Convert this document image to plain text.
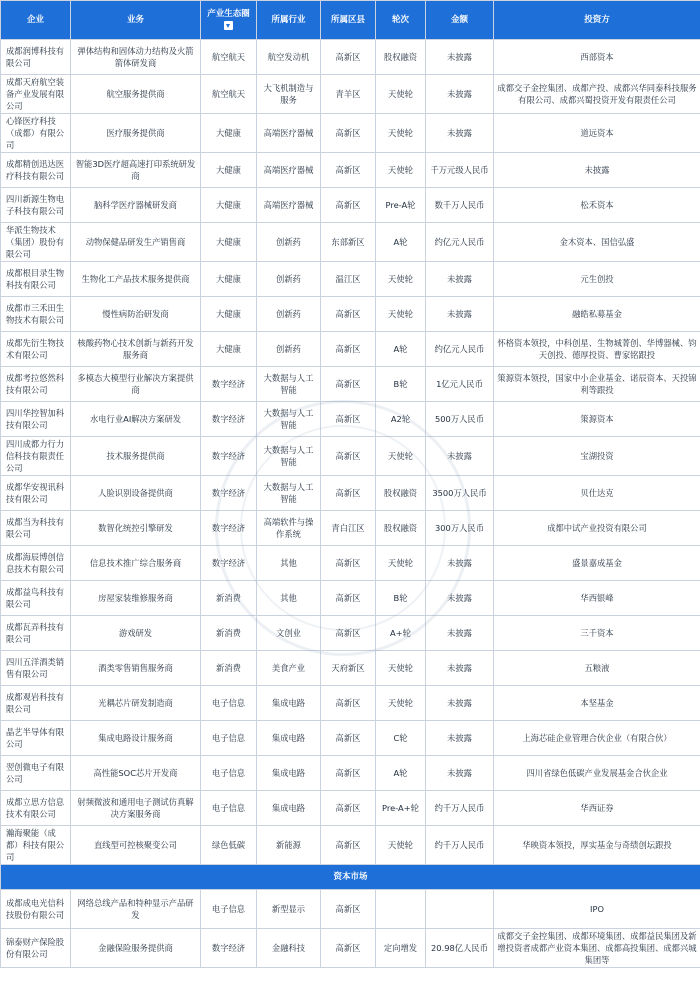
企业	业务	产业生态圈	所属行业	所属区县	轮次	金额	投资方
成都润博科技有限公司	弹体结构和固体动力结构及火箭箭体研发商	航空航天	航空发动机	高新区	股权融资	未披露	西部资本
成都天府航空装备产业发展有限公司	航空服务提供商	航空航天	大飞机制造与服务	青羊区	天使轮	未披露	成都交子金控集团、成都产投、成都兴华同泰科技服务有限公司、成都兴蜀投资开发有限责任公司
心锋医疗科技（成都）有限公司	医疗服务提供商	大健康	高端医疗器械	高新区	天使轮	未披露	道远资本
成都精创迅达医疗科技有限公司	智能3D医疗超高速打印系统研发商	大健康	高端医疗器械	高新区	天使轮	千万元级人民币	未披露
四川新源生物电子科技有限公司	脑科学医疗器械研发商	大健康	高端医疗器械	高新区	Pre-A轮	数千万人民币	松禾资本
华派生物技术（集团）股份有限公司	动物保健品研发生产销售商	大健康	创新药	东部新区	A轮	约亿元人民币	金木资本、国信弘盛
成都根目录生物科技有限公司	生物化工产品技术服务提供商	大健康	创新药	温江区	天使轮	未披露	元生创投
成都市三禾田生物技术有限公司	慢性病防治研发商	大健康	创新药	高新区	天使轮	未披露	融皓私募基金
成都先衍生物技术有限公司	核酸药物心技术创新与新药开发服务商	大健康	创新药	高新区	A轮	约亿元人民币	怀格资本领投，中科创星、生物城菁创、华博器械、钧天创投、德厚投资、曹家铭跟投
成都考拉悠然科技有限公司	多模态大模型行业解决方案提供商	数字经济	大数据与人工智能	高新区	B轮	1亿元人民币	策源资本领投，国家中小企业基金、诺辰资本、天投锦利等跟投
四川华控智加科技有限公司	水电行业AI解决方案研发	数字经济	大数据与人工智能	高新区	A2轮	500万人民币	策源资本
四川成都力行力信科技有限责任公司	技术服务提供商	数字经济	大数据与人工智能	高新区	天使轮	未披露	宝湖投资
成都华安视讯科技有限公司	人脸识别设备提供商	数字经济	大数据与人工智能	高新区	股权融资	3500万人民币	贝仕达克
成都当为科技有限公司	数智化统控引擎研发	数字经济	高端软件与操作系统	青白江区	股权融资	300万人民币	成都中试产业投资有限公司
成都海辰博创信息技术有限公司	信息技术推广综合服务商	数字经济	其他	高新区	天使轮	未披露	盛景嘉成基金
成都益鸟科技有限公司	房屋家装维修服务商	新消费	其他	高新区	B轮	未披露	华西银峰
成都瓦弄科技有限公司	游戏研发	新消费	文创业	高新区	A+轮	未披露	三千资本
四川五洋酒类销售有限公司	酒类零售销售服务商	新消费	美食产业	天府新区	天使轮	未披露	五粮液
成都观岩科技有限公司	光耦芯片研发制造商	电子信息	集成电路	高新区	天使轮	未披露	本坚基金
晶艺半导体有限公司	集成电路设计服务商	电子信息	集成电路	高新区	C轮	未披露	上海芯硅企业管理合伙企业（有限合伙）
翌创微电子有限公司	高性能SOC芯片开发商	电子信息	集成电路	高新区	A轮	未披露	四川省绿色低碳产业发展基金合伙企业
成都立思方信息技术有限公司	射频微波和通用电子测试仿真解决方案服务商	电子信息	集成电路	高新区	Pre-A+轮	约千万人民币	华西证券
瀚海聚能（成都）科技有限公司	直线型可控核聚变公司	绿色低碳	新能源	高新区	天使轮	约千万人民币	华映资本领投，厚实基金与奇绩创坛跟投
资本市场							
成都成电光信科技股份有限公司	网络总线产品和特种显示产品研发	电子信息	新型显示	高新区			IPO
锦泰财产保险股份有限公司	金融保险服务提供商	数字经济	金融科技	高新区	定向增发	20.98亿人民币	成都交子金控集团、成都环境集团、成都益民集团及新增投资者成都产业资本集团、成都高投集团、成都兴城集团等
